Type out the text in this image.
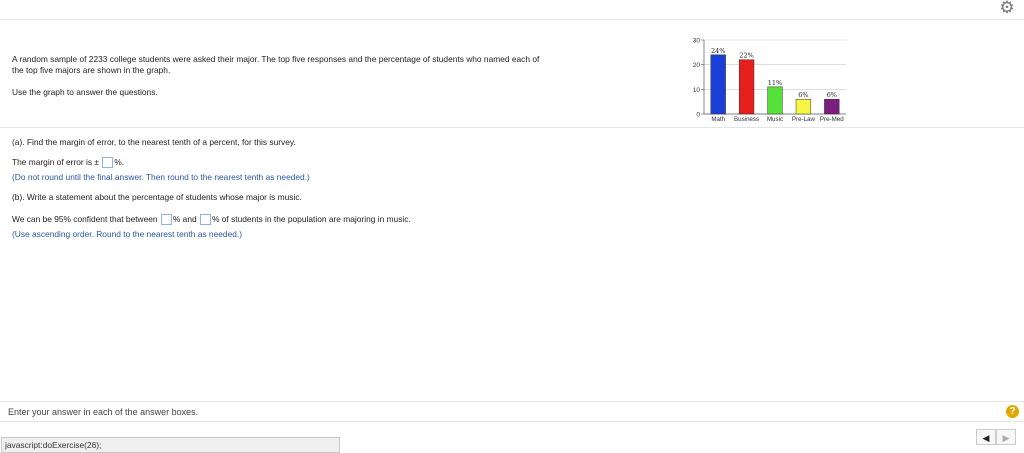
⚙

A random sample of 2233 college students were asked their major. The top five responses and the percentage of students who named each of the top five majors are shown in the graph.

Use the graph to answer the questions.
0
10
20
30
24%
22%
11%
6%	6%
Math Business Music Pre-Law Pre-Med
(a). Find the margin of error, to the nearest tenth of a percent, for this survey.
The margin of error is ± %.
(Do not round until the final answer. Then round to the nearest tenth as needed.)
(b). Write a statement about the percentage of students whose major is music.
We can be 95% confident that between % and % of students in the population are majoring in music.
(Use ascending order. Round to the nearest tenth as needed.)
Enter your answer in each of the answer boxes.	?
javascript:doExercise(26);
◀	▶
